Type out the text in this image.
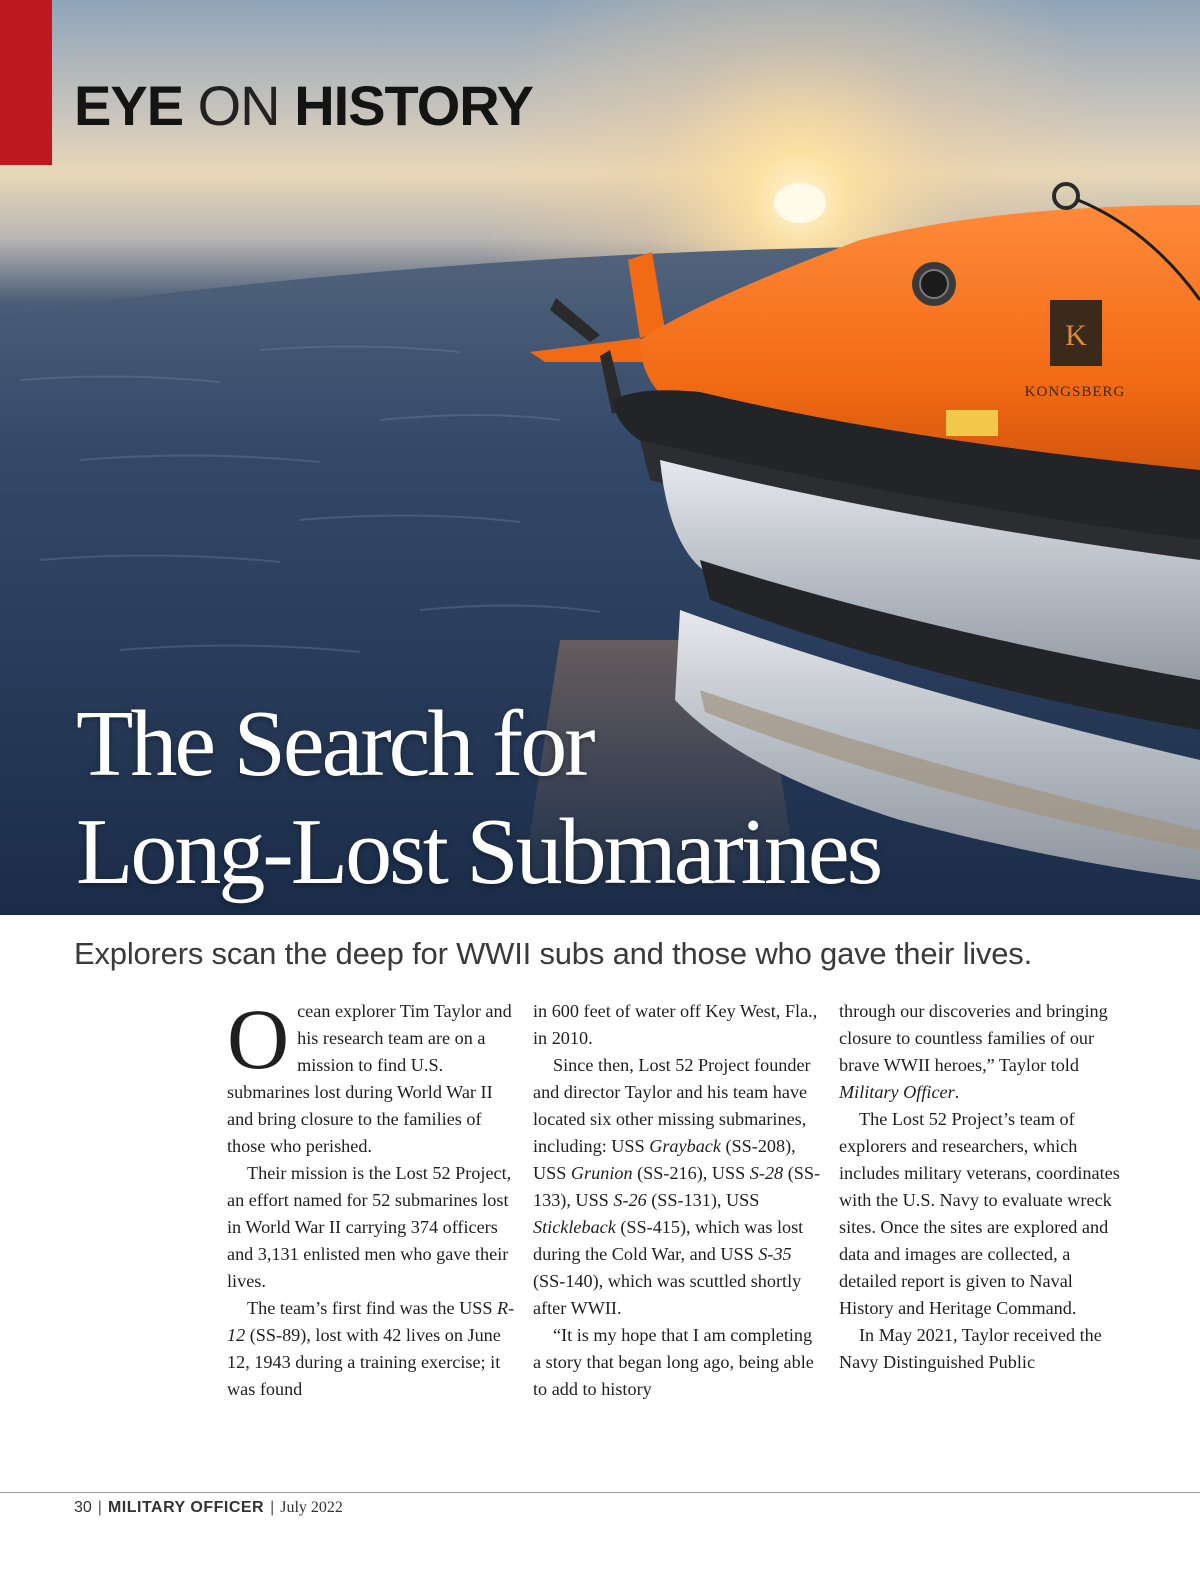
K
KONGSBERG
EYE ON HISTORY
The Search for
Long-Lost Submarines

Explorers scan the deep for WWII subs and those who gave their lives.

Ocean explorer Tim Taylor and his research team are on a mission to find U.S. submarines lost during World War II and bring closure to the families of those who perished.

Their mission is the Lost 52 Project, an effort named for 52 submarines lost in World War II carrying 374 officers and 3,131 enlisted men who gave their lives.

The team’s first find was the USS R-12 (SS-89), lost with 42 lives on June 12, 1943 during a training exercise; it was found

in 600 feet of water off Key West, Fla., in 2010.

Since then, Lost 52 Project founder and director Taylor and his team have located six other missing submarines, including: USS Grayback (SS-208), USS Grunion (SS-216), USS S-28 (SS-133), USS S-26 (SS-131), USS Stickleback (SS-415), which was lost during the Cold War, and USS S-35 (SS-140), which was scuttled shortly after WWII.

“It is my hope that I am completing a story that began long ago, being able to add to history

through our discoveries and bringing closure to countless families of our brave WWII heroes,” Taylor told Military Officer.

The Lost 52 Project’s team of explorers and researchers, which includes military veterans, coordinates with the U.S. Navy to evaluate wreck sites. Once the sites are explored and data and images are collected, a detailed report is given to Naval History and Heritage Command.

In May 2021, Taylor received the Navy Distinguished Public

30 | MILITARY OFFICER | July 2022
